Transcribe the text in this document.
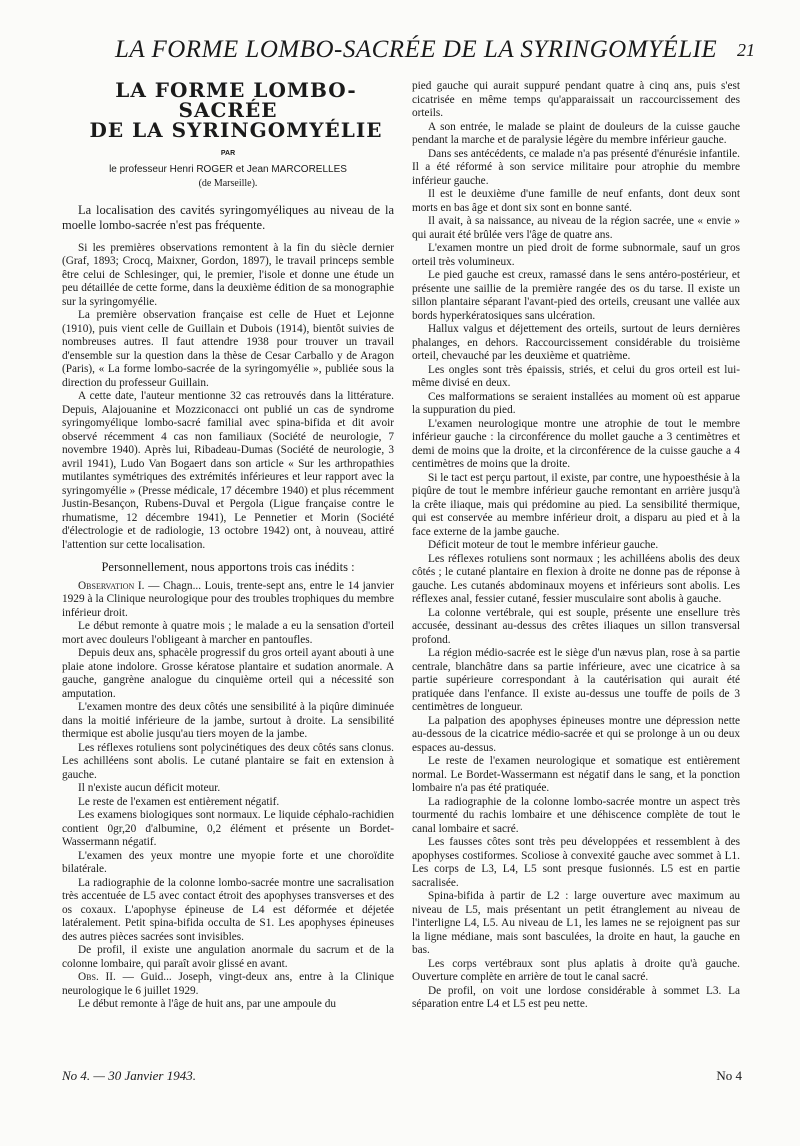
LA FORME LOMBO-SACRÉE DE LA SYRINGOMYÉLIE 21

LA FORME LOMBO-SACRÉE

DE LA SYRINGOMYÉLIE

PAR
le professeur Henri ROGER et Jean MARCORELLES
(de Marseille).

La localisation des cavités syringomyéliques au niveau de la moelle lombo-sacrée n'est pas fréquente.

Si les premières observations remontent à la fin du siècle dernier (Graf, 1893; Crocq, Maixner, Gordon, 1897), le travail princeps semble être celui de Schlesinger, qui, le premier, l'isole et donne une étude un peu détaillée de cette forme, dans la deuxième édition de sa monographie sur la syringomyélie.

La première observation française est celle de Huet et Lejonne (1910), puis vient celle de Guillain et Dubois (1914), bientôt suivies de nombreuses autres. Il faut attendre 1938 pour trouver un travail d'ensemble sur la question dans la thèse de Cesar Carballo y de Aragon (Paris), « La forme lombo-sacrée de la syringomyélie », publiée sous la direction du professeur Guillain.

A cette date, l'auteur mentionne 32 cas retrouvés dans la littérature. Depuis, Alajouanine et Mozziconacci ont publié un cas de syndrome syringomyélique lombo-sacré familial avec spina-bifida et dit avoir observé récemment 4 cas non familiaux (Société de neurologie, 7 novembre 1940). Après lui, Ribadeau-Dumas (Société de neurologie, 3 avril 1941), Ludo Van Bogaert dans son article « Sur les arthropathies mutilantes symétriques des extrémités inférieures et leur rapport avec la syringomyélie » (Presse médicale, 17 décembre 1940) et plus récemment Justin-Besançon, Rubens-Duval et Pergola (Ligue française contre le rhumatisme, 12 décembre 1941), Le Pennetier et Morin (Société d'électrologie et de radiologie, 13 octobre 1942) ont, à nouveau, attiré l'attention sur cette localisation.

Personnellement, nous apportons trois cas inédits :

Observation I. — Chagn... Louis, trente-sept ans, entre le 14 janvier 1929 à la Clinique neurologique pour des troubles trophiques du membre inférieur droit.

Le début remonte à quatre mois ; le malade a eu la sensation d'orteil mort avec douleurs l'obligeant à marcher en pantoufles.

Depuis deux ans, sphacèle progressif du gros orteil ayant abouti à une plaie atone indolore. Grosse kératose plantaire et sudation anormale. A gauche, gangrène analogue du cinquième orteil qui a nécessité son amputation.

L'examen montre des deux côtés une sensibilité à la piqûre diminuée dans la moitié inférieure de la jambe, surtout à droite. La sensibilité thermique est abolie jusqu'au tiers moyen de la jambe.

Les réflexes rotuliens sont polycinétiques des deux côtés sans clonus. Les achilléens sont abolis. Le cutané plantaire se fait en extension à gauche.

Il n'existe aucun déficit moteur.

Le reste de l'examen est entièrement négatif.

Les examens biologiques sont normaux. Le liquide céphalo-rachidien contient 0gr,20 d'albumine, 0,2 élément et présente un Bordet-Wassermann négatif.

L'examen des yeux montre une myopie forte et une choroïdite bilatérale.

La radiographie de la colonne lombo-sacrée montre une sacralisation très accentuée de L5 avec contact étroit des apophyses transverses et des os coxaux. L'apophyse épineuse de L4 est déformée et déjetée latéralement. Petit spina-bifida occulta de S1. Les apophyses épineuses des autres pièces sacrées sont invisibles.

De profil, il existe une angulation anormale du sacrum et de la colonne lombaire, qui paraît avoir glissé en avant.

Obs. II. — Guid... Joseph, vingt-deux ans, entre à la Clinique neurologique le 6 juillet 1929.

Le début remonte à l'âge de huit ans, par une ampoule du

pied gauche qui aurait suppuré pendant quatre à cinq ans, puis s'est cicatrisée en même temps qu'apparaissait un raccourcissement des orteils.

A son entrée, le malade se plaint de douleurs de la cuisse gauche pendant la marche et de paralysie légère du membre inférieur gauche.

Dans ses antécédents, ce malade n'a pas présenté d'énurésie infantile. Il a été réformé à son service militaire pour atrophie du membre inférieur gauche.

Il est le deuxième d'une famille de neuf enfants, dont deux sont morts en bas âge et dont six sont en bonne santé.

Il avait, à sa naissance, au niveau de la région sacrée, une « envie » qui aurait été brûlée vers l'âge de quatre ans.

L'examen montre un pied droit de forme subnormale, sauf un gros orteil très volumineux.

Le pied gauche est creux, ramassé dans le sens antéro-postérieur, et présente une saillie de la première rangée des os du tarse. Il existe un sillon plantaire séparant l'avant-pied des orteils, creusant une vallée aux bords hyperkératosiques sans ulcération.

Hallux valgus et déjettement des orteils, surtout de leurs dernières phalanges, en dehors. Raccourcissement considérable du troisième orteil, chevauché par les deuxième et quatrième.

Les ongles sont très épaissis, striés, et celui du gros orteil est lui-même divisé en deux.

Ces malformations se seraient installées au moment où est apparue la suppuration du pied.

L'examen neurologique montre une atrophie de tout le membre inférieur gauche : la circonférence du mollet gauche a 3 centimètres et demi de moins que la droite, et la circonférence de la cuisse gauche a 4 centimètres de moins que la droite.

Si le tact est perçu partout, il existe, par contre, une hypoesthésie à la piqûre de tout le membre inférieur gauche remontant en arrière jusqu'à la crête iliaque, mais qui prédomine au pied. La sensibilité thermique, qui est conservée au membre inférieur droit, a disparu au pied et à la face externe de la jambe gauche.

Déficit moteur de tout le membre inférieur gauche.

Les réflexes rotuliens sont normaux ; les achilléens abolis des deux côtés ; le cutané plantaire en flexion à droite ne donne pas de réponse à gauche. Les cutanés abdominaux moyens et inférieurs sont abolis. Les réflexes anal, fessier cutané, fessier musculaire sont abolis à gauche.

La colonne vertébrale, qui est souple, présente une ensellure très accusée, dessinant au-dessus des crêtes iliaques un sillon transversal profond.

La région médio-sacrée est le siège d'un nævus plan, rose à sa partie centrale, blanchâtre dans sa partie inférieure, avec une cicatrice à sa partie supérieure correspondant à la cautérisation qui aurait été pratiquée dans l'enfance. Il existe au-dessus une touffe de poils de 3 centimètres de longueur.

La palpation des apophyses épineuses montre une dépression nette au-dessous de la cicatrice médio-sacrée et qui se prolonge à un ou deux espaces au-dessus.

Le reste de l'examen neurologique et somatique est entièrement normal. Le Bordet-Wassermann est négatif dans le sang, et la ponction lombaire n'a pas été pratiquée.

La radiographie de la colonne lombo-sacrée montre un aspect très tourmenté du rachis lombaire et une déhiscence complète de tout le canal lombaire et sacré.

Les fausses côtes sont très peu développées et ressemblent à des apophyses costiformes. Scoliose à convexité gauche avec sommet à L1. Les corps de L3, L4, L5 sont presque fusionnés. L5 est en partie sacralisée.

Spina-bifida à partir de L2 : large ouverture avec maximum au niveau de L5, mais présentant un petit étranglement au niveau de l'interligne L4, L5. Au niveau de L1, les lames ne se rejoignent pas sur la ligne médiane, mais sont basculées, la droite en haut, la gauche en bas.

Les corps vertébraux sont plus aplatis à droite qu'à gauche. Ouverture complète en arrière de tout le canal sacré.

De profil, on voit une lordose considérable à sommet L3. La séparation entre L4 et L5 est peu nette.

No 4. — 30 Janvier 1943.	No 4
